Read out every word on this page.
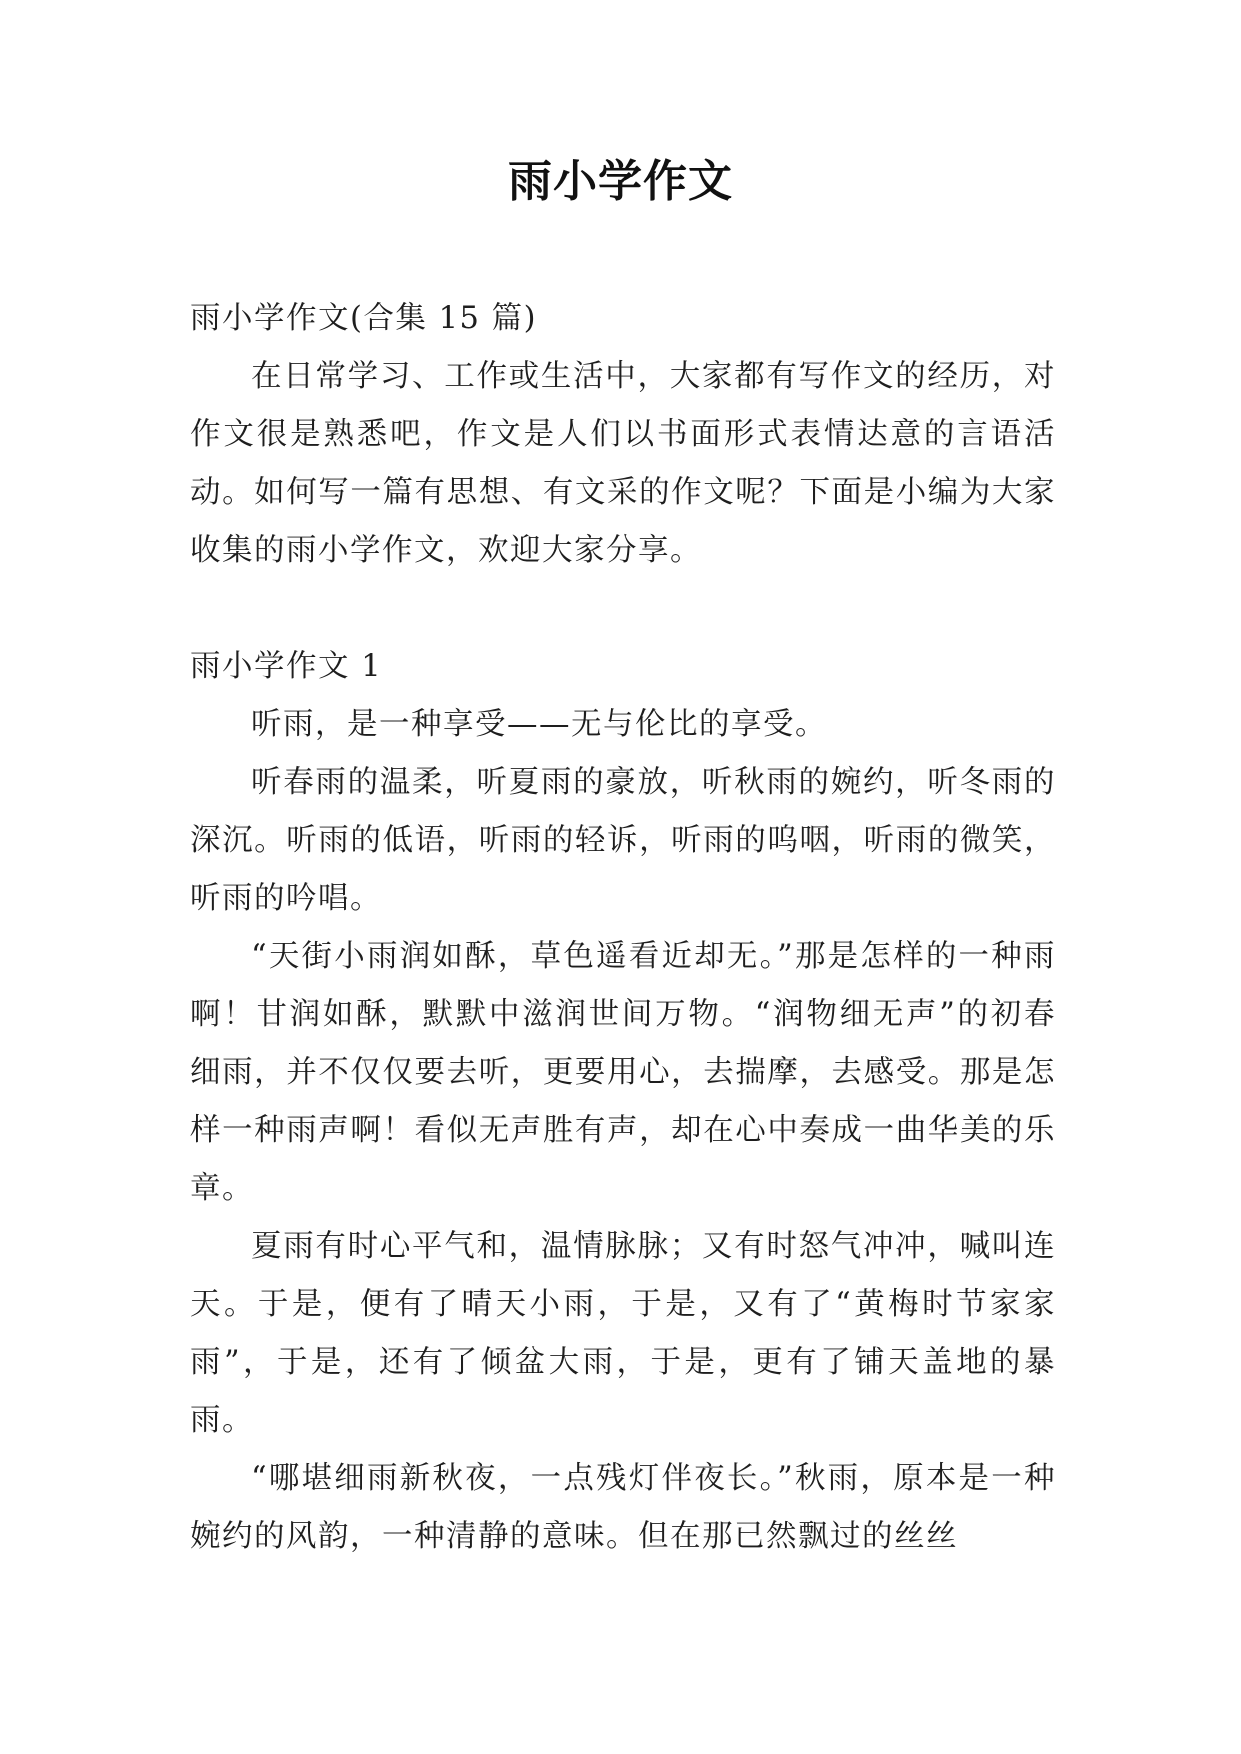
雨小学作文

雨小学作文(合集 15 篇)

在日常学习、工作或生活中，大家都有写作文的经历，对作文很是熟悉吧，作文是人们以书面形式表情达意的言语活动。如何写一篇有思想、有文采的作文呢？下面是小编为大家收集的雨小学作文，欢迎大家分享。

雨小学作文 1

听雨，是一种享受——无与伦比的享受。

听春雨的温柔，听夏雨的豪放，听秋雨的婉约，听冬雨的深沉。听雨的低语，听雨的轻诉，听雨的呜咽，听雨的微笑，听雨的吟唱。

“天街小雨润如酥，草色遥看近却无。”那是怎样的一种雨啊！甘润如酥，默默中滋润世间万物。“润物细无声”的初春细雨，并不仅仅要去听，更要用心，去揣摩，去感受。那是怎样一种雨声啊！看似无声胜有声，却在心中奏成一曲华美的乐章。

夏雨有时心平气和，温情脉脉；又有时怒气冲冲，喊叫连天。于是，便有了晴天小雨，于是，又有了“黄梅时节家家雨”，于是，还有了倾盆大雨，于是，更有了铺天盖地的暴雨。

“哪堪细雨新秋夜，一点残灯伴夜长。”秋雨，原本是一种婉约的风韵，一种清静的意味。但在那已然飘过的丝丝
